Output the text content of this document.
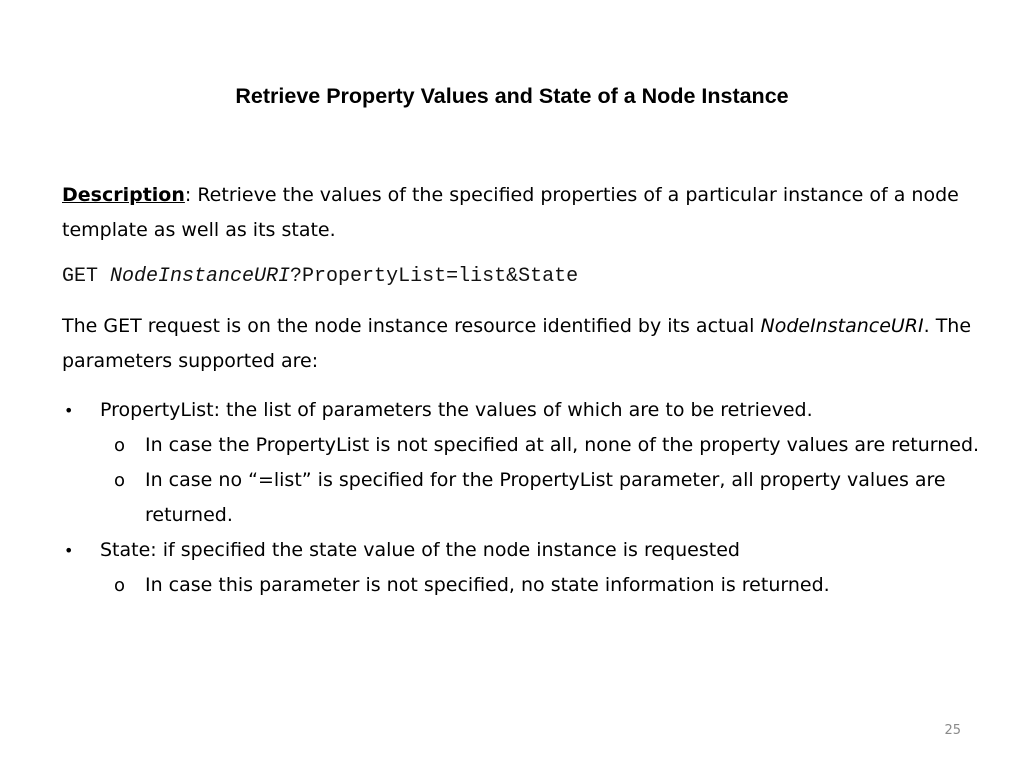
Retrieve Property Values and State of a Node Instance
Description: Retrieve the values of the specified properties of a particular instance of a node template as well as its state.
GET NodeInstanceURI?PropertyList=list&State
The GET request is on the node instance resource identified by its actual NodeInstanceURI. The parameters supported are:
•	PropertyList: the list of parameters the values of which are to be retrieved.
o In case the PropertyList is not specified at all, none of the property values are returned.
o In case no “=list” is specified for the PropertyList parameter, all property values are returned.
•	State: if specified the state value of the node instance is requested
o In case this parameter is not specified, no state information is returned.
25
